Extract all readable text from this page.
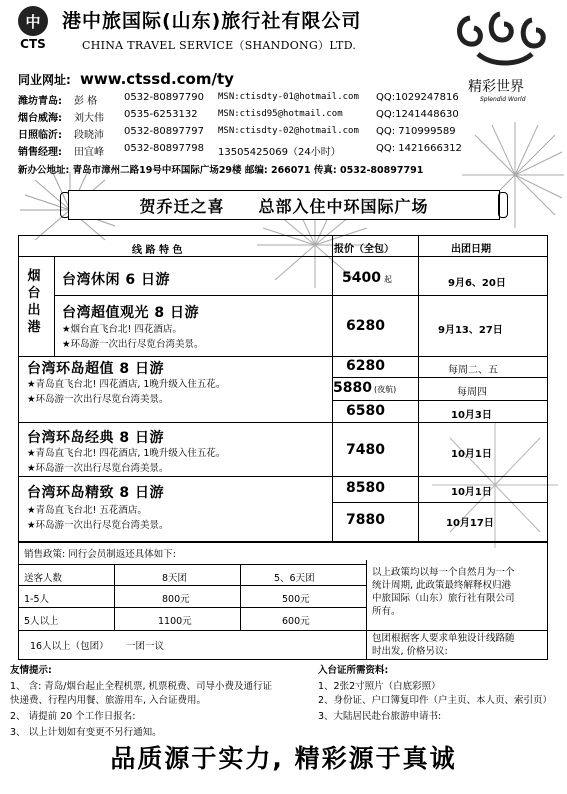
中
CTS
港中旅国际(山东)旅行社有限公司
CHINA TRAVEL SERVICE（SHANDONG）LTD.
精彩世界
Splendid World
同业网址: www.ctssd.com/ty
潍坊青岛: 彭 格	0532-80897790 MSN:ctisdty-01@hotmail.com QQ:1029247816
烟台威海: 刘大伟 0535-6253132 MSN:ctisd95@hotmail.com	QQ:1241448630
日照临沂: 段晓沛 0532-80897797 MSN:ctisdty-02@hotmail.com QQ: 710999589
销售经理: 田宜峰 0532-80897798 13505425069（24小时）	QQ: 1421666312
新办公地址: 青岛市漳州二路19号中环国际广场29楼 邮编: 266071 传真: 0532-80897791
贺乔迁之喜 总部入住中环国际广场
线 路 特 色	报价（全包）	出团日期
烟
台
出
港
台湾休闲 6 日游	5400 起	9月6、20日
台湾超值观光 8 日游
★烟台直飞台北! 四花酒店。
★环岛游一次出行尽览台湾美景。
6280	9月13、27日
台湾环岛超值 8 日游
★青岛直飞台北! 四花酒店, 1晚升级入住五花。
★环岛游一次出行尽览台湾美景。
6280	每周二、五
5880 (夜航)	每周四
6580	10月3日
台湾环岛经典 8 日游
★青岛直飞台北! 四花酒店, 1晚升级入住五花。
★环岛游一次出行尽览台湾美景。
7480	10月1日
台湾环岛精致 8 日游
★青岛直飞台北! 五花酒店。
★环岛游一次出行尽览台湾美景。
8580	10月1日
7880	10月17日
销售政策: 同行会员制返还具体如下:
送客人数	8天团	5、6天团
1-5人	800元	500元
5人以上	1100元	600元
16人以上（包团） 一团一议
以上政策均以每一个自然月为一个
统计周期, 此政策最终解释权归港
中旅国际（山东）旅行社有限公司
所有。
包团根据客人要求单独设计线路随
时出发, 价格另议:
友情提示:
1、 含: 青岛/烟台起止全程机票, 机票税费、司导小费及通行证
快递费、行程内用餐、旅游用车, 入台证费用。
2、 请提前 20 个工作日报名:
3、 以上计划如有变更不另行通知。
入台证所需资料:
1、2张2寸照片（白底彩照）
2、身份证、户口簿复印件（户主页、本人页、索引页）
3、大陆居民赴台旅游申请书:
品质源于实力, 精彩源于真诚
